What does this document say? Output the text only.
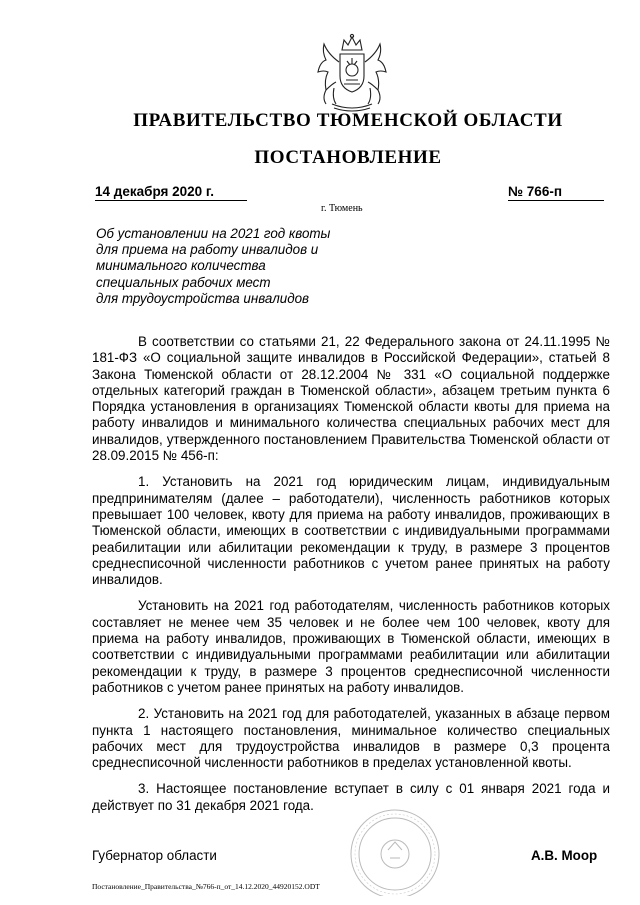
ПРАВИТЕЛЬСТВО ТЮМЕНСКОЙ ОБЛАСТИ
ПОСТАНОВЛЕНИЕ
14 декабря 2020 г.	№ 766-п
г. Тюмень
Об установлении на 2021 год квоты
для приема на работу инвалидов и
минимального количества
специальных рабочих мест
для трудоустройства инвалидов

В соответствии со статьями 21, 22 Федерального закона от 24.11.1995 № 181-ФЗ «О социальной защите инвалидов в Российской Федерации», статьей 8 Закона Тюменской области от 28.12.2004 № 331 «О социальной поддержке отдельных категорий граждан в Тюменской области», абзацем третьим пункта 6 Порядка установления в организациях Тюменской области квоты для приема на работу инвалидов и минимального количества специальных рабочих мест для инвалидов, утвержденного постановлением Правительства Тюменской области от 28.09.2015 № 456-п:

1. Установить на 2021 год юридическим лицам, индивидуальным предпринимателям (далее – работодатели), численность работников которых превышает 100 человек, квоту для приема на работу инвалидов, проживающих в Тюменской области, имеющих в соответствии с индивидуальными программами реабилитации или абилитации рекомендации к труду, в размере 3 процентов среднесписочной численности работников с учетом ранее принятых на работу инвалидов.

Установить на 2021 год работодателям, численность работников которых составляет не менее чем 35 человек и не более чем 100 человек, квоту для приема на работу инвалидов, проживающих в Тюменской области, имеющих в соответствии с индивидуальными программами реабилитации или абилитации рекомендации к труду, в размере 3 процентов среднесписочной численности работников с учетом ранее принятых на работу инвалидов.

2. Установить на 2021 год для работодателей, указанных в абзаце первом пункта 1 настоящего постановления, минимальное количество специальных рабочих мест для трудоустройства инвалидов в размере 0,3 процента среднесписочной численности работников в пределах установленной квоты.

3. Настоящее постановление вступает в силу с 01 января 2021 года и действует по 31 декабря 2021 года.

Губернатор области	А.В. Моор
Постановление_Правительства_№766-п_от_14.12.2020_44920152.ODT
